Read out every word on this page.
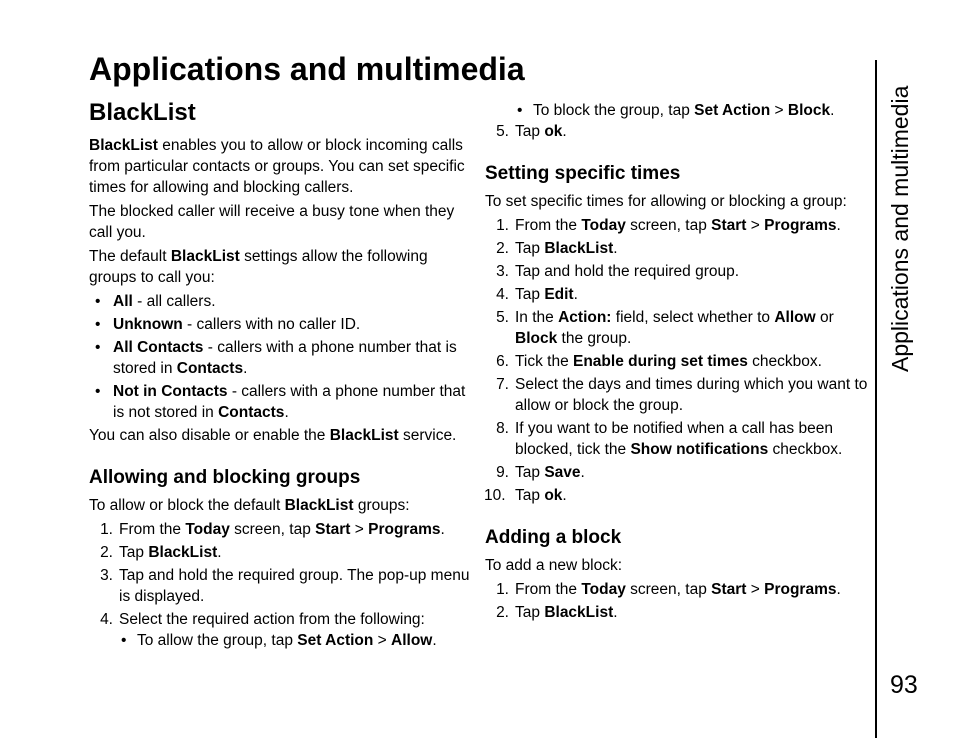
Applications and multimedia
BlackList

BlackList enables you to allow or block incoming calls from particular contacts or groups. You can set specific times for allowing and blocking callers.

The blocked caller will receive a busy tone when they call you.

The default BlackList settings allow the following groups to call you:

• All - all callers.
• Unknown - callers with no caller ID.
• All Contacts - callers with a phone number that is stored in Contacts.
• Not in Contacts - callers with a phone number that is not stored in Contacts.

You can also disable or enable the BlackList service.

Allowing and blocking groups

To allow or block the default BlackList groups:

1. From the Today screen, tap Start > Programs.
2. Tap BlackList.
3. Tap and hold the required group. The pop-up menu is displayed.
4. Select the required action from the following:
• To allow the group, tap Set Action > Allow.
• To block the group, tap Set Action > Block.
5. Tap ok.
Setting specific times

To set specific times for allowing or blocking a group:

1. From the Today screen, tap Start > Programs.
2. Tap BlackList.
3. Tap and hold the required group.
4. Tap Edit.
5. In the Action: field, select whether to Allow or Block the group.
6. Tick the Enable during set times checkbox.
7. Select the days and times during which you want to allow or block the group.
8. If you want to be notified when a call has been blocked, tick the Show notifications checkbox.
9. Tap Save.
10. Tap ok.
Adding a block

To add a new block:

1. From the Today screen, tap Start > Programs.
2. Tap BlackList.
Applications and multimedia
93
